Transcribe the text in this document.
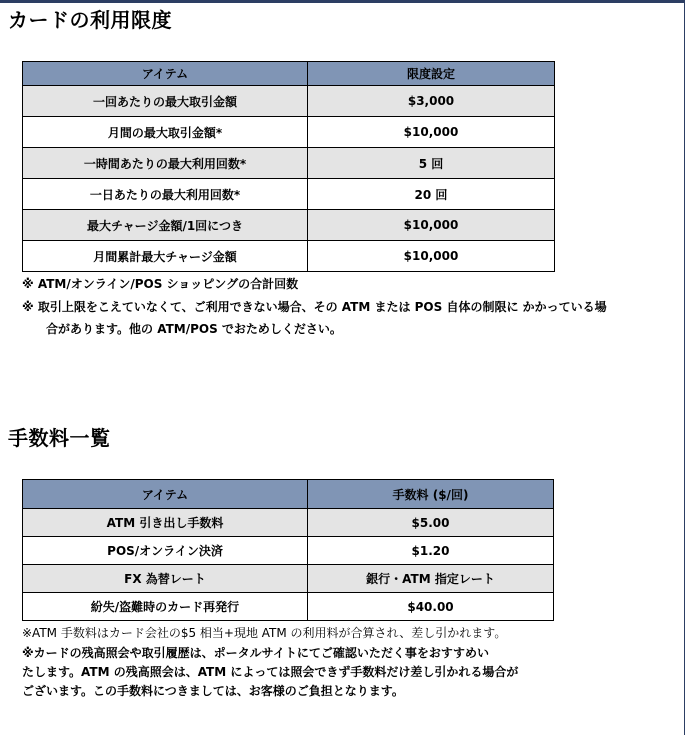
カードの利用限度
アイテム	限度設定
一回あたりの最大取引金額	$3,000
月間の最大取引金額*	$10,000
一時間あたりの最大利用回数*	5 回
一日あたりの最大利用回数*	20 回
最大チャージ金額/1回につき	$10,000
月間累計最大チャージ金額	$10,000
※ ATM/オンライン/POS ショッピングの合計回数
※ 取引上限をこえていなくて、ご利用できない場合、その ATM または POS 自体の制限に かかっている場
合があります。他の ATM/POS でおためしください。
手数料一覧
アイテム	手数料 ($/回)
ATM 引き出し手数料	$5.00
POS/オンライン決済	$1.20
FX 為替レート	銀行・ATM 指定レート
紛失/盗難時のカード再発行	$40.00
※ATM 手数料はカード会社の$5 相当+現地 ATM の利用料が合算され、差し引かれます。
※カードの残高照会や取引履歴は、ポータルサイトにてご確認いただく事をおすすめい
たします。ATM の残高照会は、ATM によっては照会できず手数料だけ差し引かれる場合が
ございます。この手数料につきましては、お客様のご負担となります。
